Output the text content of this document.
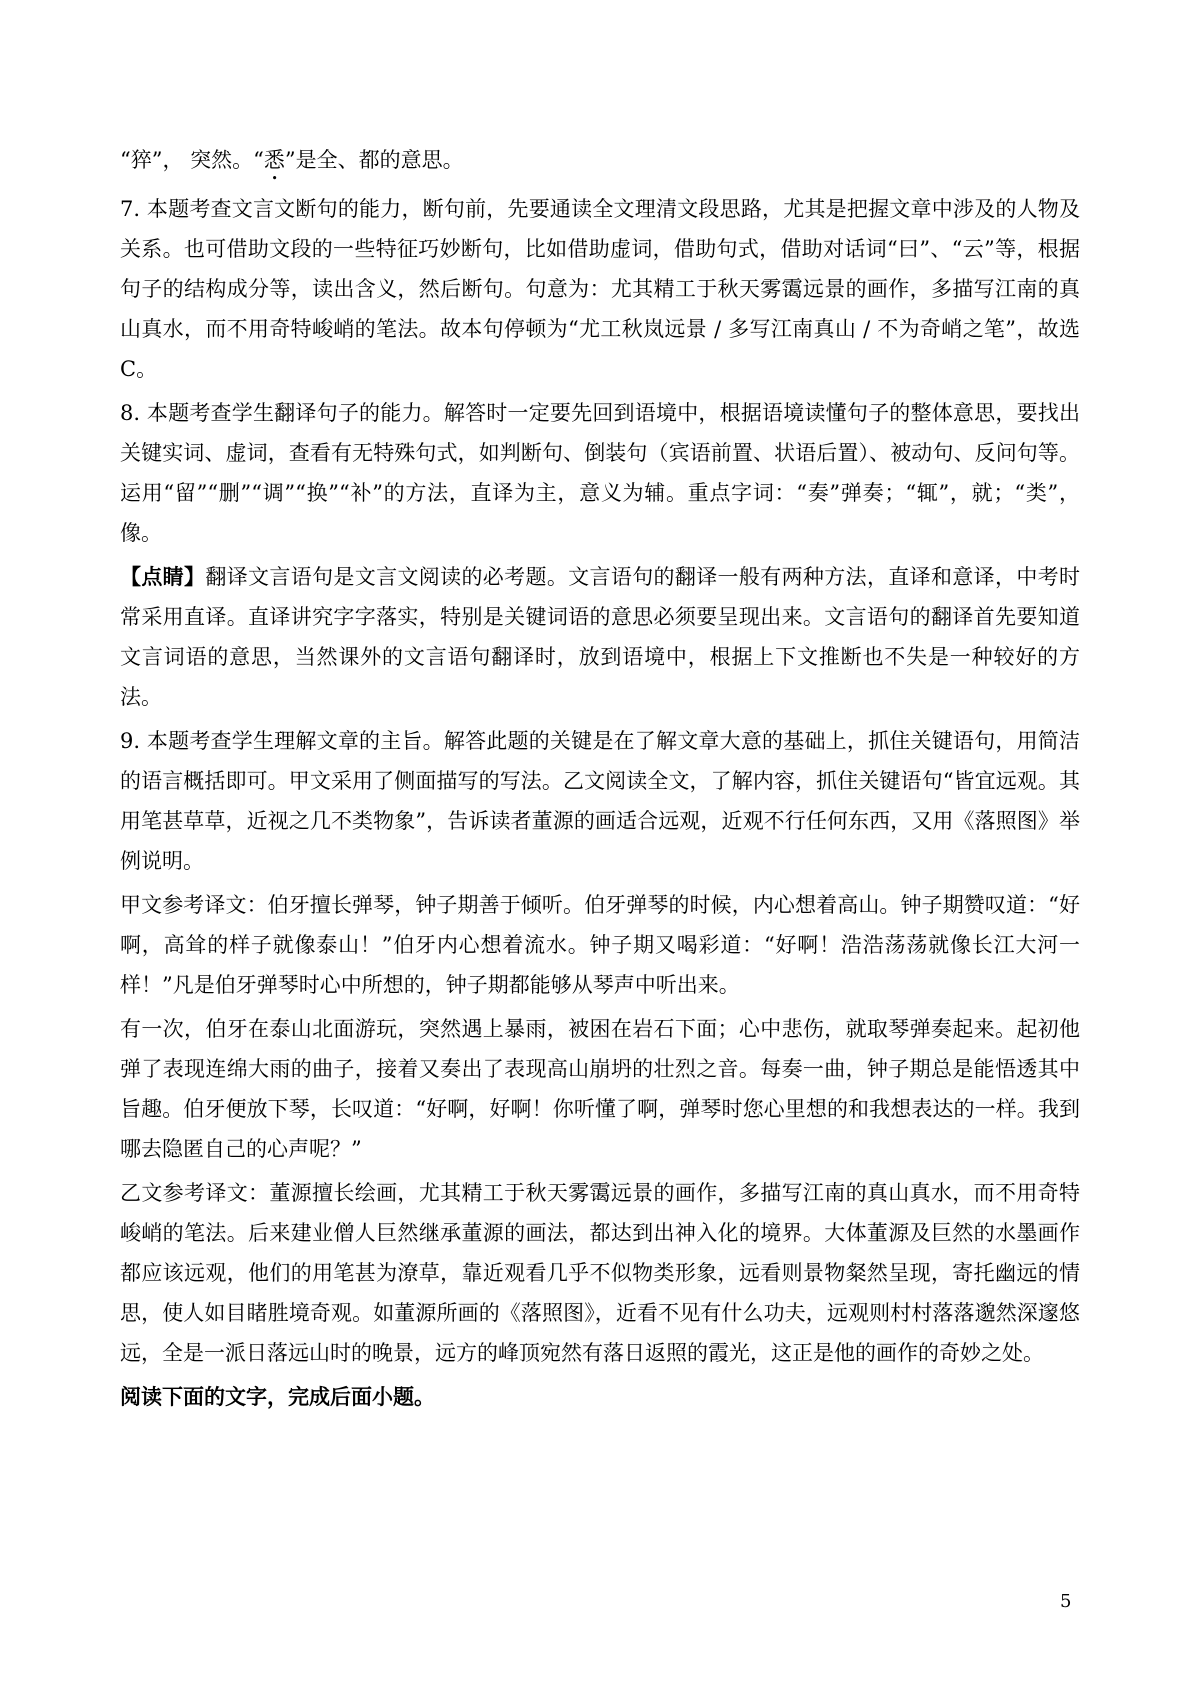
“猝”， 突然。“悉”是全、都的意思。

7. 本题考查文言文断句的能力，断句前，先要通读全文理清文段思路，尤其是把握文章中涉及的人物及关系。也可借助文段的一些特征巧妙断句，比如借助虚词，借助句式，借助对话词“曰”、“云”等，根据句子的结构成分等，读出含义，然后断句。句意为：尤其精工于秋天雾霭远景的画作，多描写江南的真山真水，而不用奇特峻峭的笔法。故本句停顿为“尤工秋岚远景 / 多写江南真山 / 不为奇峭之笔”，故选C。

8. 本题考查学生翻译句子的能力。解答时一定要先回到语境中，根据语境读懂句子的整体意思，要找出关键实词、虚词，查看有无特殊句式，如判断句、倒装句（宾语前置、状语后置）、被动句、反问句等。运用“留”“删”“调”“换”“补”的方法，直译为主，意义为辅。重点字词：“奏”弹奏；“辄”，就；“类”，像。

【点睛】翻译文言语句是文言文阅读的必考题。文言语句的翻译一般有两种方法，直译和意译，中考时常采用直译。直译讲究字字落实，特别是关键词语的意思必须要呈现出来。文言语句的翻译首先要知道文言词语的意思，当然课外的文言语句翻译时，放到语境中，根据上下文推断也不失是一种较好的方法。

9. 本题考查学生理解文章的主旨。解答此题的关键是在了解文章大意的基础上，抓住关键语句，用简洁的语言概括即可。甲文采用了侧面描写的写法。乙文阅读全文，了解内容，抓住关键语句“皆宜远观。其用笔甚草草，近视之几不类物象”，告诉读者董源的画适合远观，近观不行任何东西，又用《落照图》举例说明。

甲文参考译文：伯牙擅长弹琴，钟子期善于倾听。伯牙弹琴的时候，内心想着高山。钟子期赞叹道：“好啊，高耸的样子就像泰山！”伯牙内心想着流水。钟子期又喝彩道：“好啊！浩浩荡荡就像长江大河一样！”凡是伯牙弹琴时心中所想的，钟子期都能够从琴声中听出来。

有一次，伯牙在泰山北面游玩，突然遇上暴雨，被困在岩石下面；心中悲伤，就取琴弹奏起来。起初他弹了表现连绵大雨的曲子，接着又奏出了表现高山崩坍的壮烈之音。每奏一曲，钟子期总是能悟透其中旨趣。伯牙便放下琴，长叹道：“好啊，好啊！你听懂了啊，弹琴时您心里想的和我想表达的一样。我到哪去隐匿自己的心声呢？”

乙文参考译文：董源擅长绘画，尤其精工于秋天雾霭远景的画作，多描写江南的真山真水，而不用奇特峻峭的笔法。后来建业僧人巨然继承董源的画法，都达到出神入化的境界。大体董源及巨然的水墨画作都应该远观，他们的用笔甚为潦草，靠近观看几乎不似物类形象，远看则景物粲然呈现，寄托幽远的情思，使人如目睹胜境奇观。如董源所画的《落照图》，近看不见有什么功夫，远观则村村落落邈然深邃悠远，全是一派日落远山时的晚景，远方的峰顶宛然有落日返照的霞光，这正是他的画作的奇妙之处。

阅读下面的文字，完成后面小题。

5
